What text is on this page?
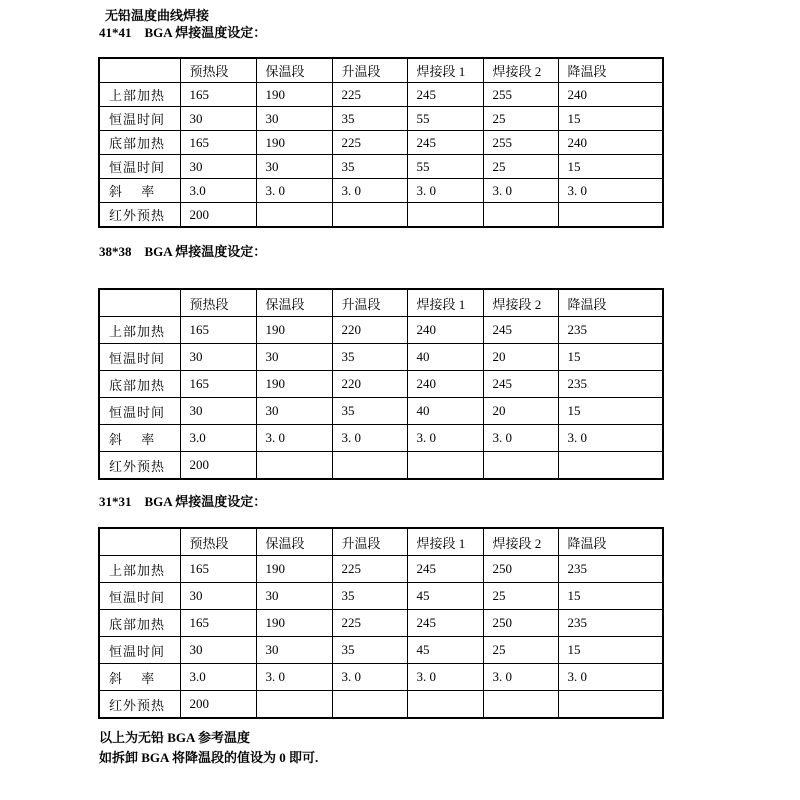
无铅温度曲线焊接
41*41　BGA 焊接温度设定：
	预热段	保温段	升温段	焊接段 1	焊接段 2	降温段
上部加热	165	190	225	245	255	240
恒温时间	30	30	35	55	25	15
底部加热	165	190	225	245	255	240
恒温时间	30	30	35	55	25	15
斜　 率	3.0	3. 0	3. 0	3. 0	3. 0	3. 0
红外预热	200					
38*38　BGA 焊接温度设定：
	预热段	保温段	升温段	焊接段 1	焊接段 2	降温段
上部加热	165	190	220	240	245	235
恒温时间	30	30	35	40	20	15
底部加热	165	190	220	240	245	235
恒温时间	30	30	35	40	20	15
斜　 率	3.0	3. 0	3. 0	3. 0	3. 0	3. 0
红外预热	200					
31*31　BGA 焊接温度设定：
	预热段	保温段	升温段	焊接段 1	焊接段 2	降温段
上部加热	165	190	225	245	250	235
恒温时间	30	30	35	45	25	15
底部加热	165	190	225	245	250	235
恒温时间	30	30	35	45	25	15
斜　 率	3.0	3. 0	3. 0	3. 0	3. 0	3. 0
红外预热	200					
以上为无铅 BGA 参考温度
如拆卸 BGA 将降温段的值设为 0 即可.
